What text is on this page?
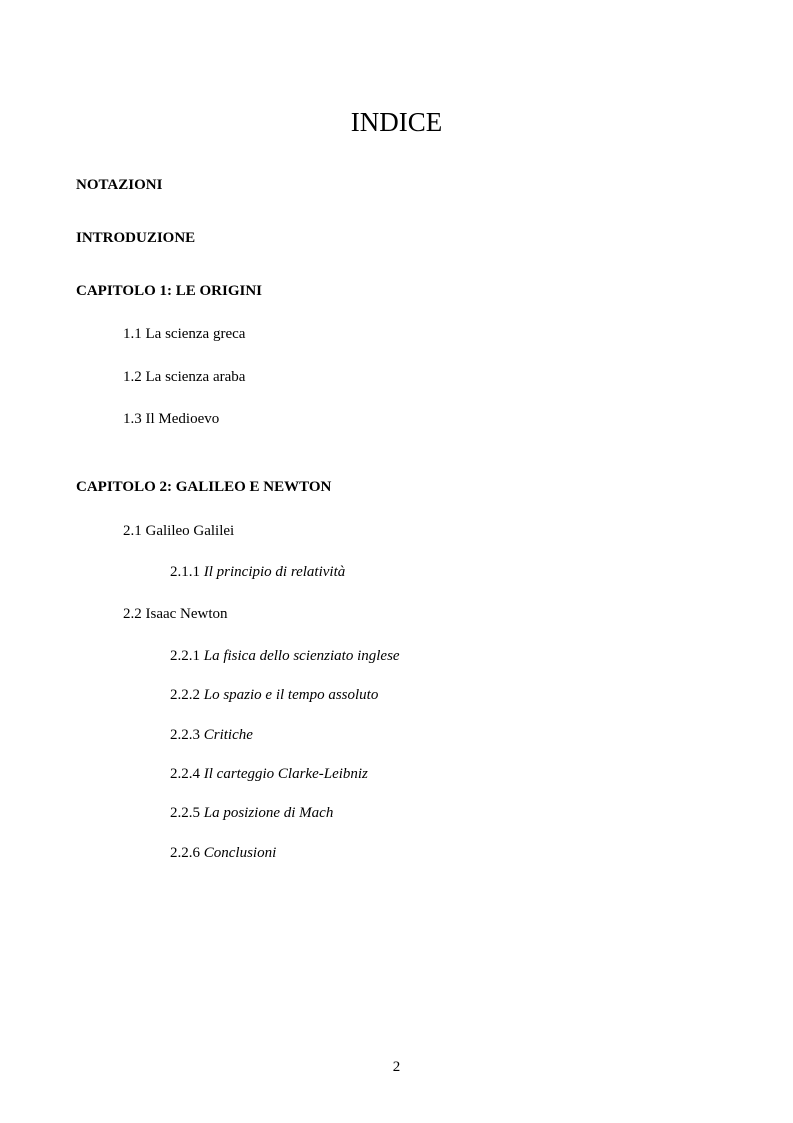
INDICE
NOTAZIONI
INTRODUZIONE
CAPITOLO 1: LE ORIGINI
1.1 La scienza greca
1.2 La scienza araba
1.3 Il Medioevo
CAPITOLO 2: GALILEO E NEWTON
2.1 Galileo Galilei
2.1.1 Il principio di relatività
2.2 Isaac Newton
2.2.1 La fisica dello scienziato inglese
2.2.2 Lo spazio e il tempo assoluto
2.2.3 Critiche
2.2.4 Il carteggio Clarke-Leibniz
2.2.5 La posizione di Mach
2.2.6 Conclusioni
2
